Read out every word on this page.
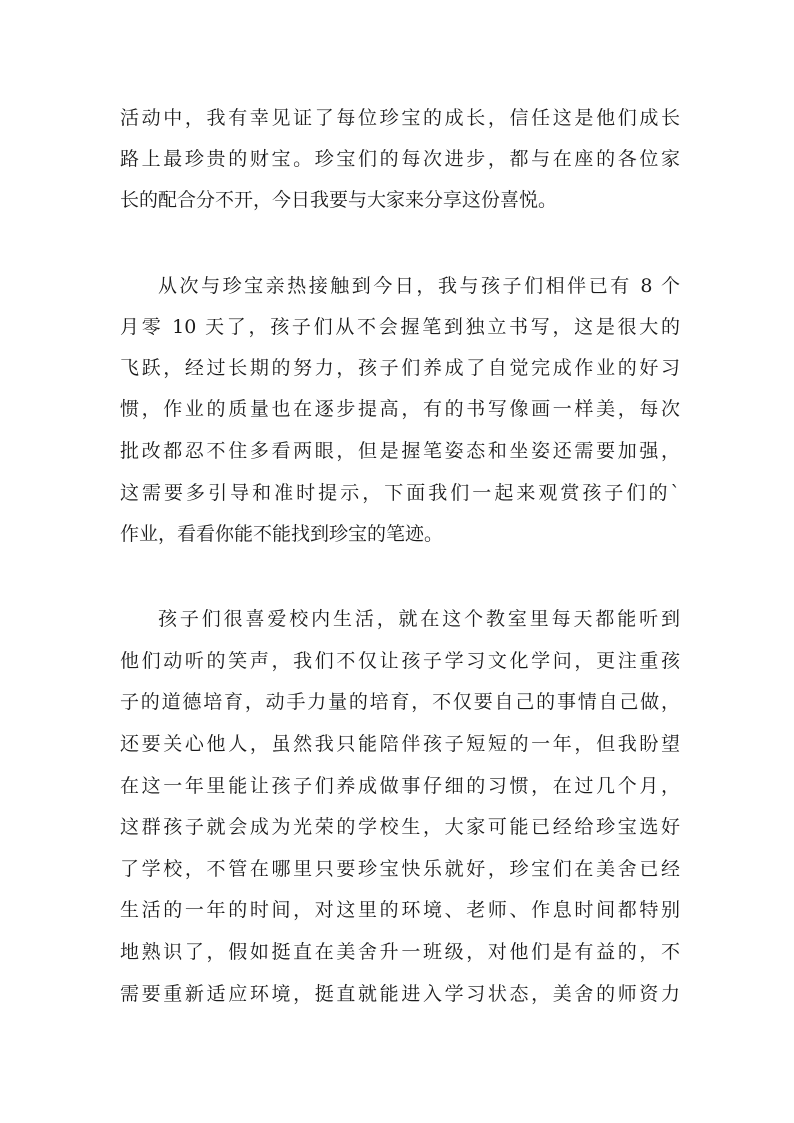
活动中，我有幸见证了每位珍宝的成长，信任这是他们成长
路上最珍贵的财宝。珍宝们的每次进步，都与在座的各位家
长的配合分不开，今日我要与大家来分享这份喜悦。
从次与珍宝亲热接触到今日，我与孩子们相伴已有 8 个
月零 10 天了，孩子们从不会握笔到独立书写，这是很大的
飞跃，经过长期的努力，孩子们养成了自觉完成作业的好习
惯，作业的质量也在逐步提高，有的书写像画一样美，每次
批改都忍不住多看两眼，但是握笔姿态和坐姿还需要加强，
这需要多引导和准时提示，下面我们一起来观赏孩子们的`
作业，看看你能不能找到珍宝的笔迹。
孩子们很喜爱校内生活，就在这个教室里每天都能听到
他们动听的笑声，我们不仅让孩子学习文化学问，更注重孩
子的道德培育，动手力量的培育，不仅要自己的事情自己做，
还要关心他人，虽然我只能陪伴孩子短短的一年，但我盼望
在这一年里能让孩子们养成做事仔细的习惯，在过几个月，
这群孩子就会成为光荣的学校生，大家可能已经给珍宝选好
了学校，不管在哪里只要珍宝快乐就好，珍宝们在美舍已经
生活的一年的时间，对这里的环境、老师、作息时间都特别
地熟识了，假如挺直在美舍升一班级，对他们是有益的，不
需要重新适应环境，挺直就能进入学习状态，美舍的师资力
